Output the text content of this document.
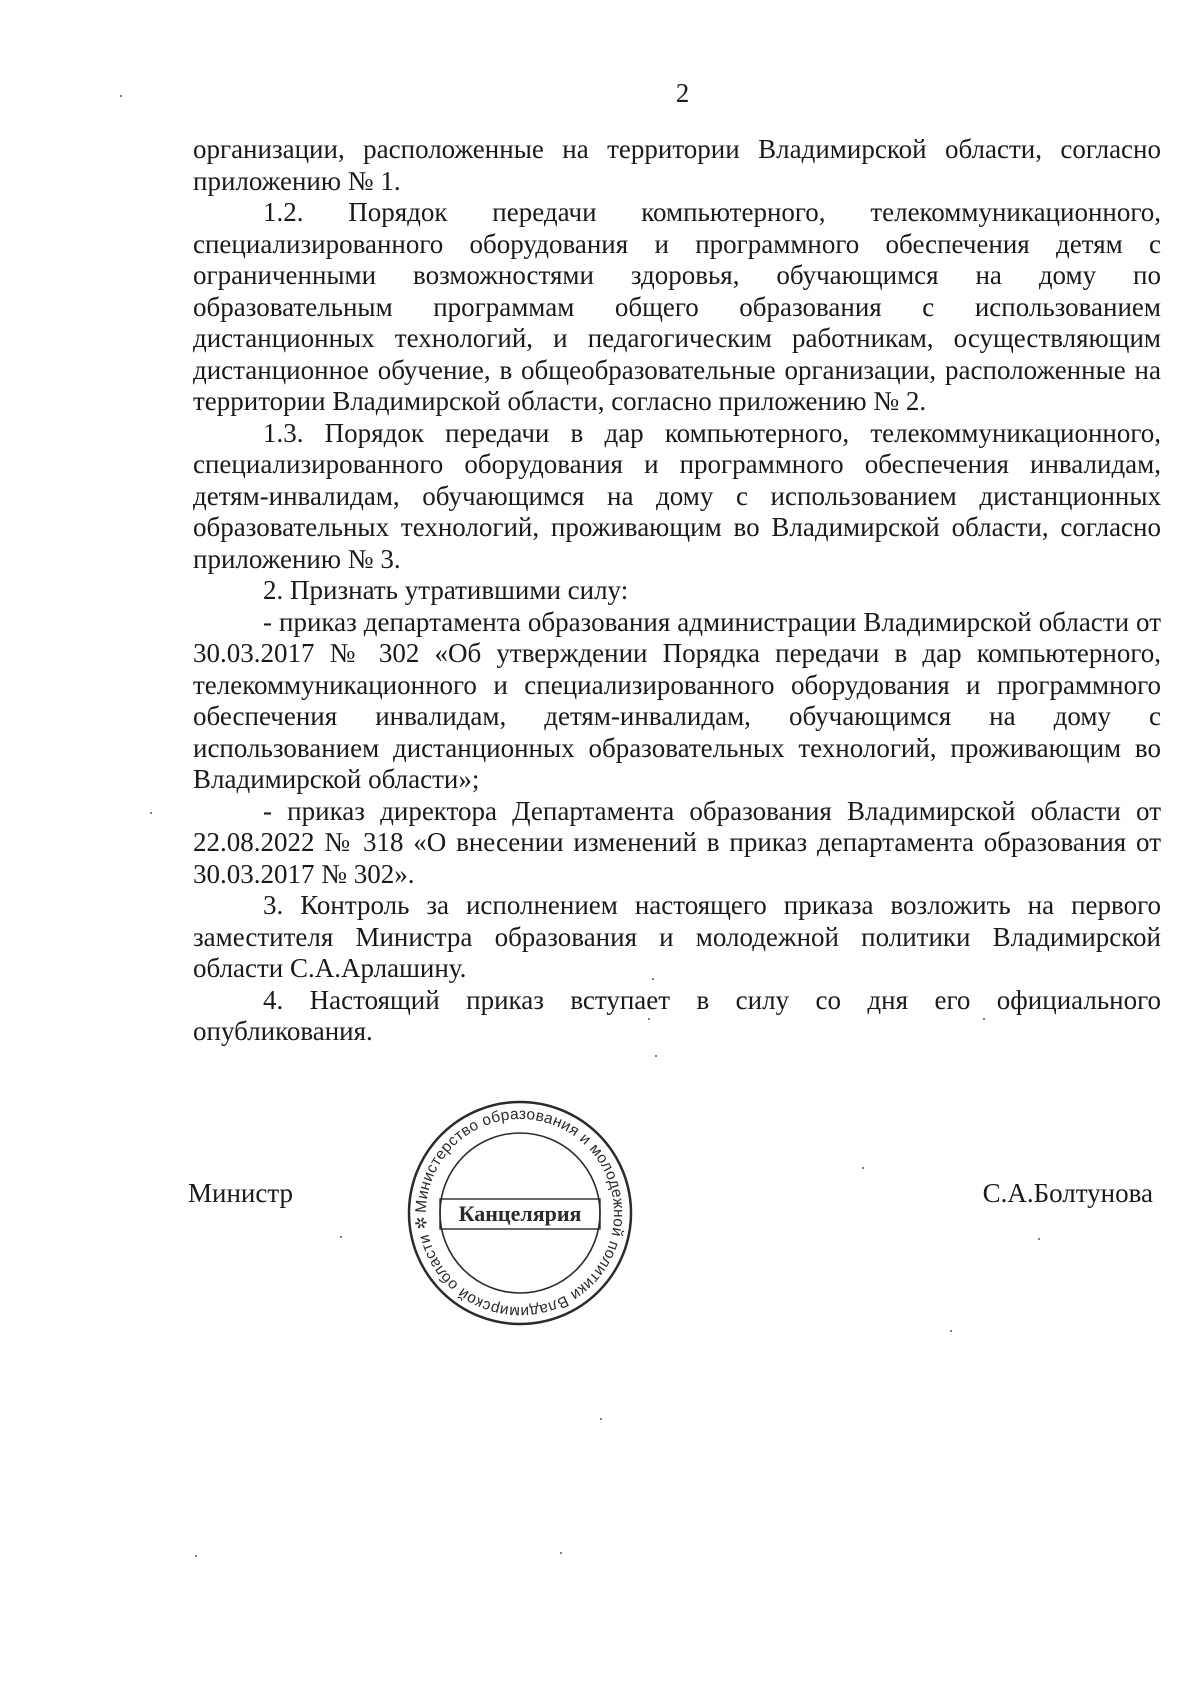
2

организации, расположенные на территории Владимирской области, согласно приложению № 1.

1.2. Порядок передачи компьютерного, телекоммуникационного, специализированного оборудования и программного обеспечения детям с ограниченными возможностями здоровья, обучающимся на дому по образовательным программам общего образования с использованием дистанционных технологий, и педагогическим работникам, осуществляющим дистанционное обучение, в общеобразовательные организации, расположенные на территории Владимирской области, согласно приложению № 2.

1.3. Порядок передачи в дар компьютерного, телекоммуникационного, специализированного оборудования и программного обеспечения инвалидам, детям-инвалидам, обучающимся на дому с использованием дистанционных образовательных технологий, проживающим во Владимирской области, согласно приложению № 3.

2. Признать утратившими силу:

- приказ департамента образования администрации Владимирской области от 30.03.2017 № 302 «Об утверждении Порядка передачи в дар компьютерного, телекоммуникационного и специализированного оборудования и программного обеспечения инвалидам, детям-инвалидам, обучающимся на дому с использованием дистанционных образовательных технологий, проживающим во Владимирской области»;

- приказ директора Департамента образования Владимирской области от 22.08.2022 № 318 «О внесении изменений в приказ департамента образования от 30.03.2017 № 302».

3. Контроль за исполнением настоящего приказа возложить на первого заместителя Министра образования и молодежной политики Владимирской области С.А.Арлашину.

4. Настоящий приказ вступает в силу со дня его официального опубликования.

Министр	С.А.Болтунова
Министерство образования и молодежной политики Владимирской области ✲	Канцелярия
